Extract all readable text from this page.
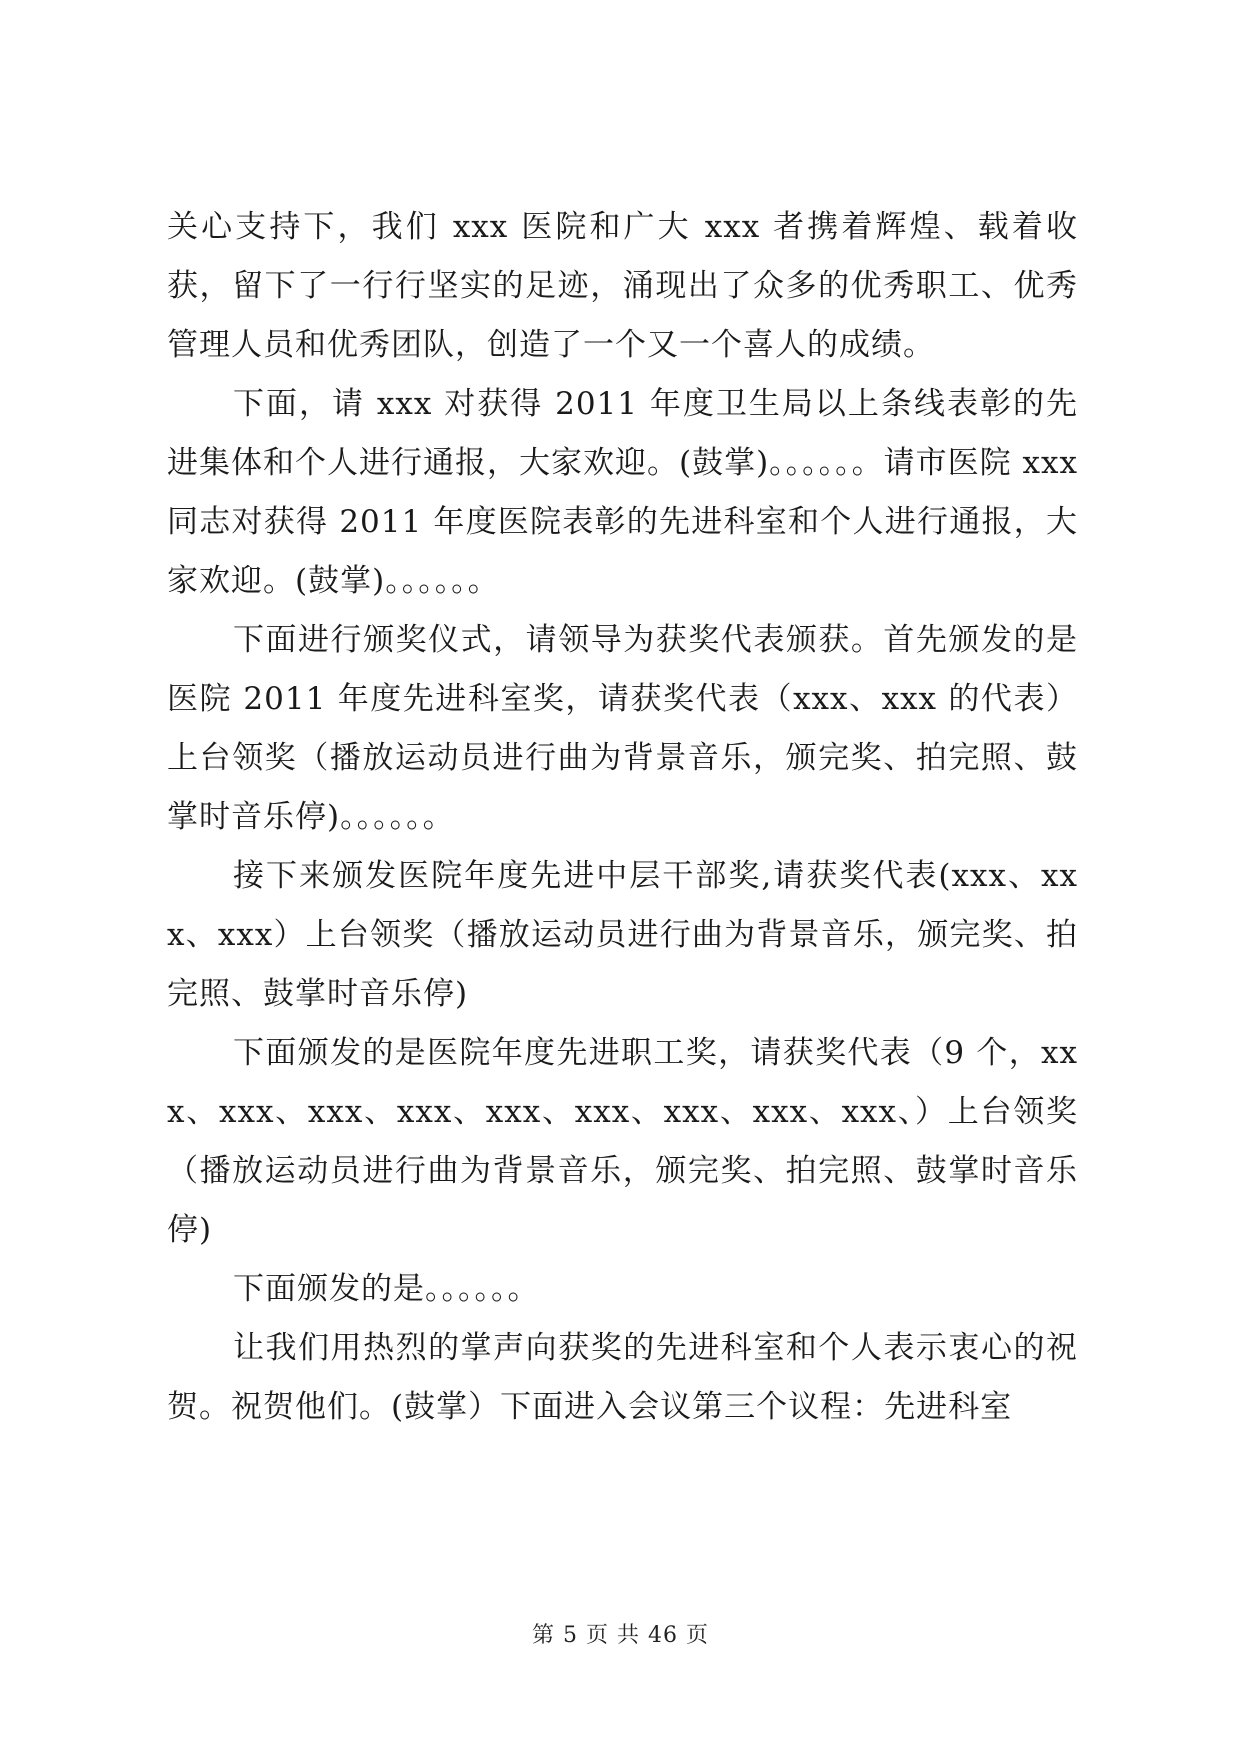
关心支持下，我们 xxx 医院和广大 xxx 者携着辉煌、载着收获，留下了一行行坚实的足迹，涌现出了众多的优秀职工、优秀管理人员和优秀团队，创造了一个又一个喜人的成绩。

下面，请 xxx 对获得 2011 年度卫生局以上条线表彰的先进集体和个人进行通报，大家欢迎。(鼓掌)。。。。。。请市医院 xxx 同志对获得 2011 年度医院表彰的先进科室和个人进行通报，大家欢迎。(鼓掌)。。。。。。

下面进行颁奖仪式，请领导为获奖代表颁获。首先颁发的是医院 2011 年度先进科室奖，请获奖代表（xxx、xxx 的代表）上台领奖（播放运动员进行曲为背景音乐，颁完奖、拍完照、鼓掌时音乐停)。。。。。。

接下来颁发医院年度先进中层干部奖,请获奖代表(xxx、xxx、xxx）上台领奖（播放运动员进行曲为背景音乐，颁完奖、拍完照、鼓掌时音乐停)

下面颁发的是医院年度先进职工奖，请获奖代表（9 个，xxx、xxx、xxx、xxx、xxx、xxx、xxx、xxx、xxx、）上台领奖（播放运动员进行曲为背景音乐，颁完奖、拍完照、鼓掌时音乐停)

下面颁发的是。。。。。。

让我们用热烈的掌声向获奖的先进科室和个人表示衷心的祝贺。祝贺他们。(鼓掌）下面进入会议第三个议程：先进科室

第 5 页 共 46 页
